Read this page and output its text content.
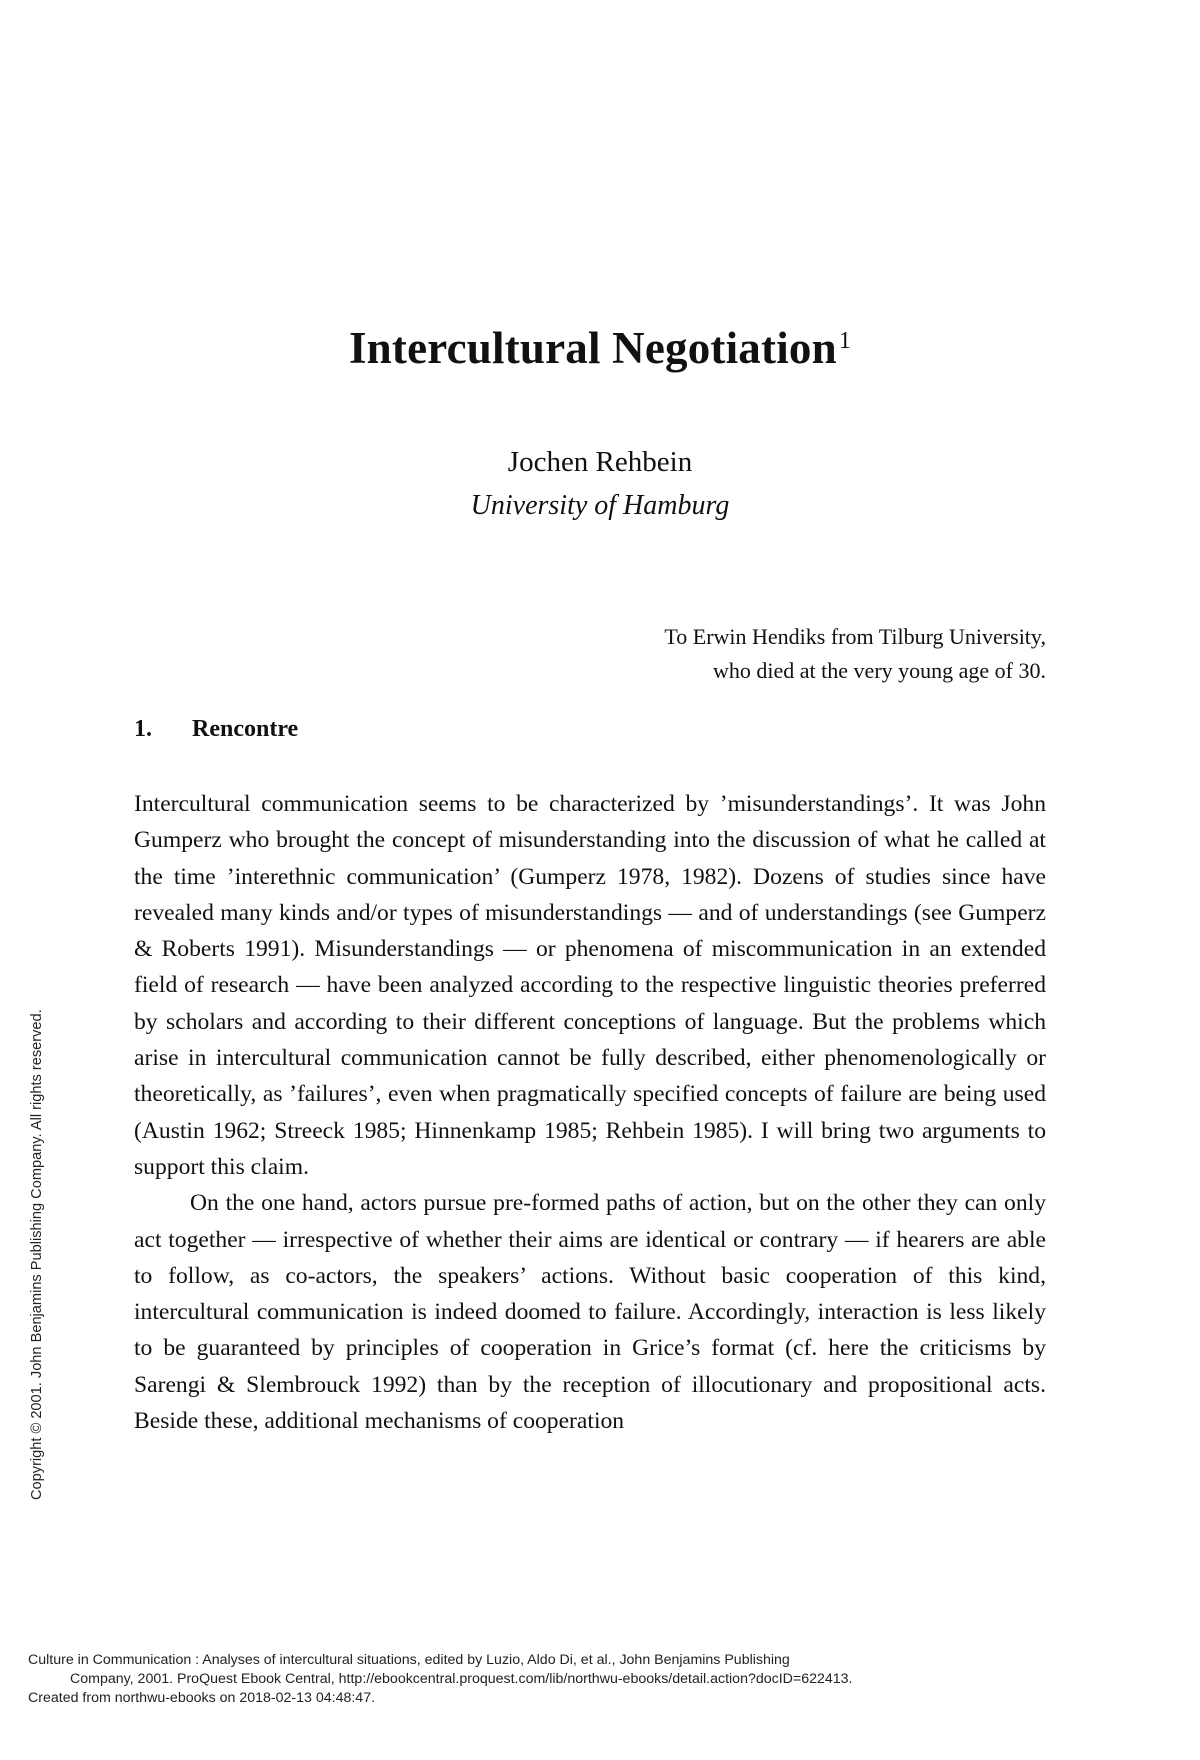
Intercultural Negotiation$^1$
Jochen Rehbein
University of Hamburg
To Erwin Hendiks from Tilburg University,
who died at the very young age of 30.
1. Rencontre

Intercultural communication seems to be characterized by ’misunderstandings’. It was John Gumperz who brought the concept of misunderstanding into the discussion of what he called at the time ’interethnic communication’ (Gumperz 1978, 1982). Dozens of studies since have revealed many kinds and/or types of misunderstandings — and of understandings (see Gumperz & Roberts 1991). Misunderstandings — or phenomena of miscommunication in an extended field of research — have been analyzed according to the respective linguistic theories preferred by scholars and according to their different conceptions of language. But the problems which arise in intercultural communication cannot be fully described, either phenomenologically or theoretically, as ’failures’, even when pragmatically specified concepts of failure are being used (Austin 1962; Streeck 1985; Hinnenkamp 1985; Rehbein 1985). I will bring two arguments to support this claim.

On the one hand, actors pursue pre-formed paths of action, but on the other they can only act together — irrespective of whether their aims are identical or contrary — if hearers are able to follow, as co-actors, the speakers’ actions. Without basic cooperation of this kind, intercultural communication is indeed doomed to failure. Accordingly, interaction is less likely to be guaranteed by principles of cooperation in Grice’s format (cf. here the criticisms by Sarengi & Slembrouck 1992) than by the reception of illocutionary and propositional acts. Beside these, additional mechanisms of cooperation

Copyright © 2001. John Benjamins Publishing Company. All rights reserved.
Culture in Communication : Analyses of intercultural situations, edited by Luzio, Aldo Di, et al., John Benjamins Publishing
Company, 2001. ProQuest Ebook Central, http://ebookcentral.proquest.com/lib/northwu-ebooks/detail.action?docID=622413.
Created from northwu-ebooks on 2018-02-13 04:48:47.
